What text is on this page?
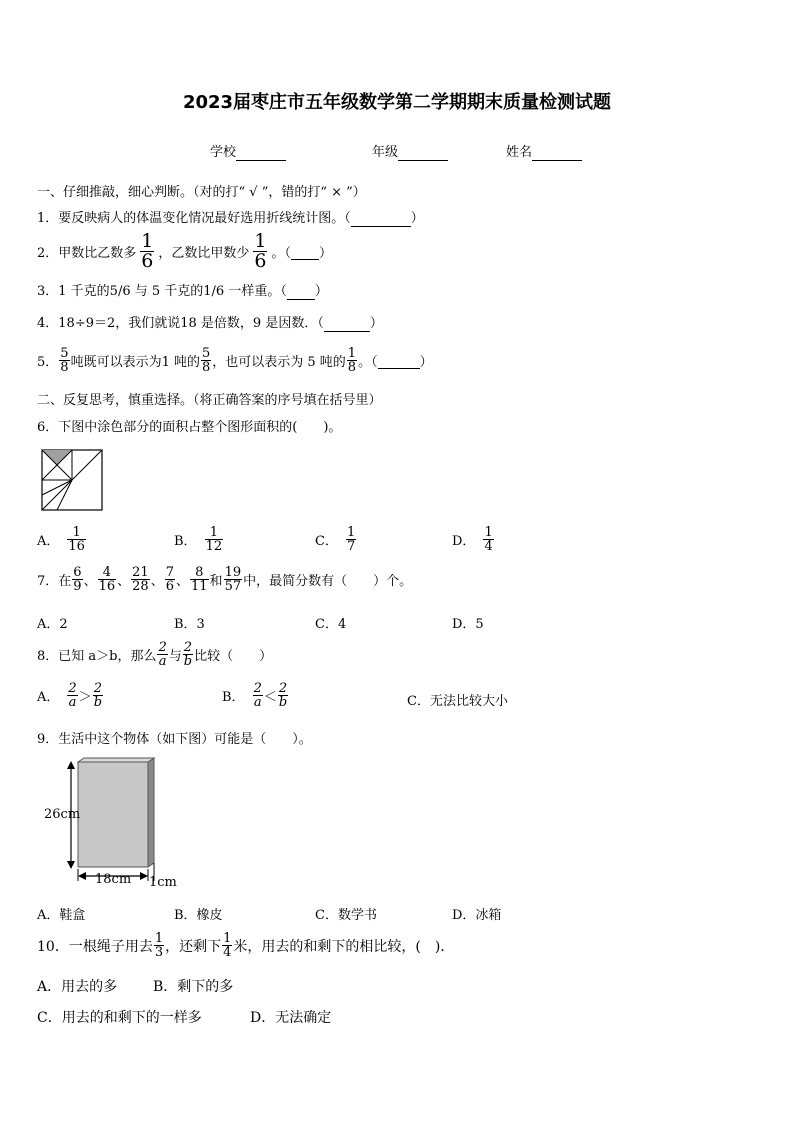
2023届枣庄市五年级数学第二学期期末质量检测试题
学校	年级	姓名
一、仔细推敲，细心判断。（对的打“ √ ”，错的打“ × ”）
1．要反映病人的体温变化情况最好选用折线统计图。（	）
2．甲数比乙数多 $\frac{1}{6}$ ，乙数比甲数少 $\frac{1}{6}$ 。（
）
3．1 千克的5/6 与 5 千克的1/6 一样重。（ ）
4．18÷9＝2，我们就说18 是倍数，9 是因数．（	）
5． $\frac{5}{8}$ 吨既可以表示为1 吨的 $\frac{5}{8}$ ，也可以表示为 5 吨的 $\frac{1}{8}$ 。（
	）
二、反复思考，慎重选择。（将正确答案的序号填在括号里）
6．下图中涂色部分的面积占整个图形面积的(　　)。
A． $\frac{1}{16}$	B． $\frac{1}{12}$	C． $\frac{1}{7}$	D． $\frac{1}{4}$
7．在 $\frac{6}{9}$ 、 $\frac{4}{16}$ 、 $\frac{21}{28}$ 、 $\frac{7}{6}$ 、 $\frac{8}{11}$ 和 $\frac{19}{57}$ 中，最简分数有（　　）个。
A．2	B．3	C．4	D．5
8．已知 a＞b，那么 $\frac{2}{a}$ 与 $\frac{2}{b}$ 比较（　　）
A． $\frac{2}{a} > \frac{2}{b}$	B． $\frac{2}{a} < \frac{2}{b}$	C．无法比较大小
9．生活中这个物体（如下图）可能是（　　）。
26cm
18cm 1cm
A．鞋盒	B．橡皮	C．数学书	D．冰箱
10．一根绳子用去 $\frac{1}{3}$ ，还剩下 $\frac{1}{4}$ 米，用去的和剩下的相比较，(　)．
A．用去的多	B．剩下的多
C．用去的和剩下的一样多	D．无法确定
